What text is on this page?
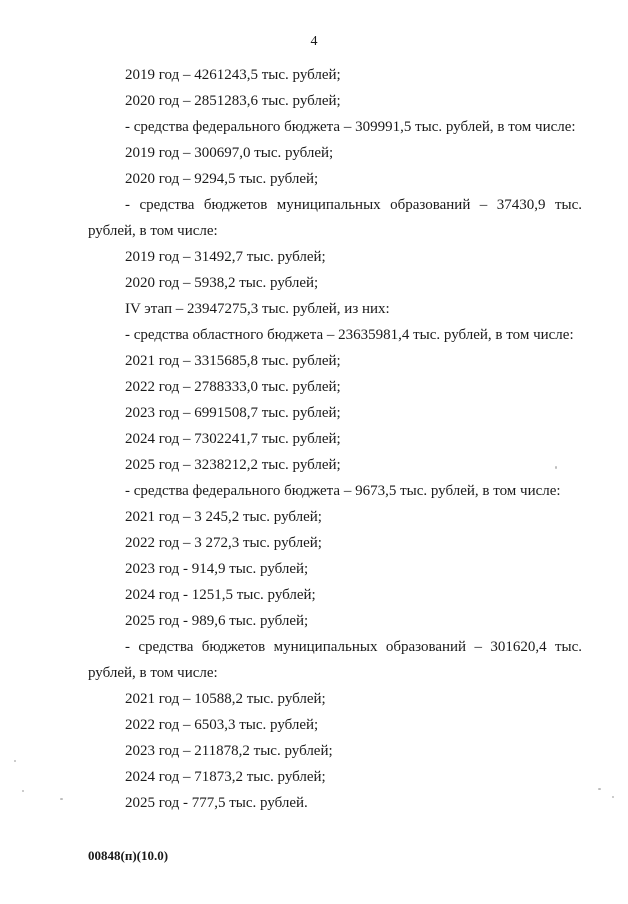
4

2019 год – 4261243,5 тыс. рублей;

2020 год – 2851283,6 тыс. рублей;

- средства федерального бюджета – 309991,5 тыс. рублей, в том числе:

2019 год – 300697,0 тыс. рублей;

2020 год – 9294,5 тыс. рублей;

- средства бюджетов муниципальных образований – 37430,9 тыс.

рублей, в том числе:

2019 год – 31492,7 тыс. рублей;

2020 год – 5938,2 тыс. рублей;

IV этап – 23947275,3 тыс. рублей, из них:

- средства областного бюджета – 23635981,4 тыс. рублей, в том числе:

2021 год – 3315685,8 тыс. рублей;

2022 год – 2788333,0 тыс. рублей;

2023 год – 6991508,7 тыс. рублей;

2024 год – 7302241,7 тыс. рублей;

2025 год – 3238212,2 тыс. рублей;

- средства федерального бюджета – 9673,5 тыс. рублей, в том числе:

2021 год – 3 245,2 тыс. рублей;

2022 год – 3 272,3 тыс. рублей;

2023 год - 914,9 тыс. рублей;

2024 год - 1251,5 тыс. рублей;

2025 год - 989,6 тыс. рублей;

- средства бюджетов муниципальных образований – 301620,4 тыс.

рублей, в том числе:

2021 год – 10588,2 тыс. рублей;

2022 год – 6503,3 тыс. рублей;

2023 год – 211878,2 тыс. рублей;

2024 год – 71873,2 тыс. рублей;

2025 год - 777,5 тыс. рублей.

00848(п)(10.0)
